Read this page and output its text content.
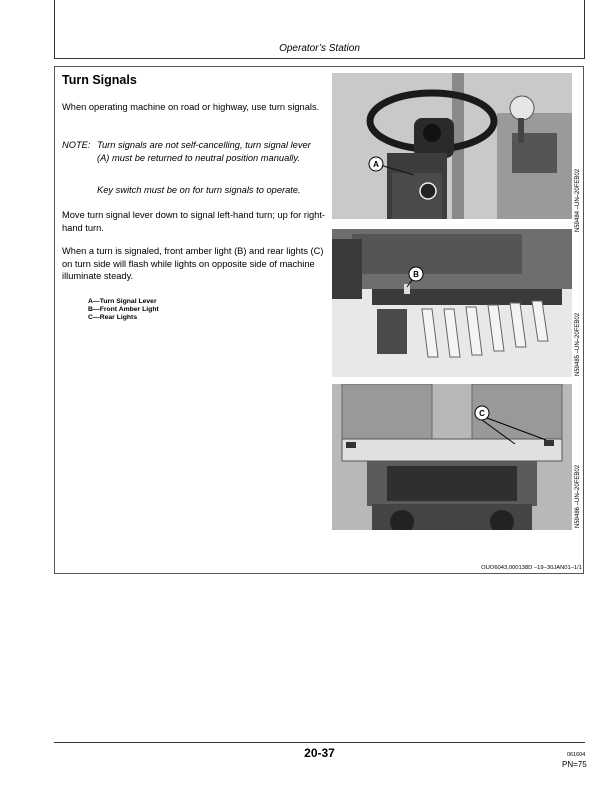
Operator’s Station
Turn Signals

When operating machine on road or highway, use turn signals.

NOTE: Turn signals are not self-cancelling, turn signal lever (A) must be returned to neutral position manually.
Key switch must be on for turn signals to operate.

Move turn signal lever down to signal left-hand turn; up for right-hand turn.

When a turn is signaled, front amber light (B) and rear lights (C) on turn side will flash while lights on opposite side of machine illuminate steady.

A—Turn Signal Lever
B—Front Amber Light
C—Rear Lights
A
N59484 –UN–20FEB02
B
N59485 –UN–20FEB02
C
N59486 –UN–20FEB02
OUO6043,000138D –19–30JAN01–1/1
20-37	061604
PN=75
